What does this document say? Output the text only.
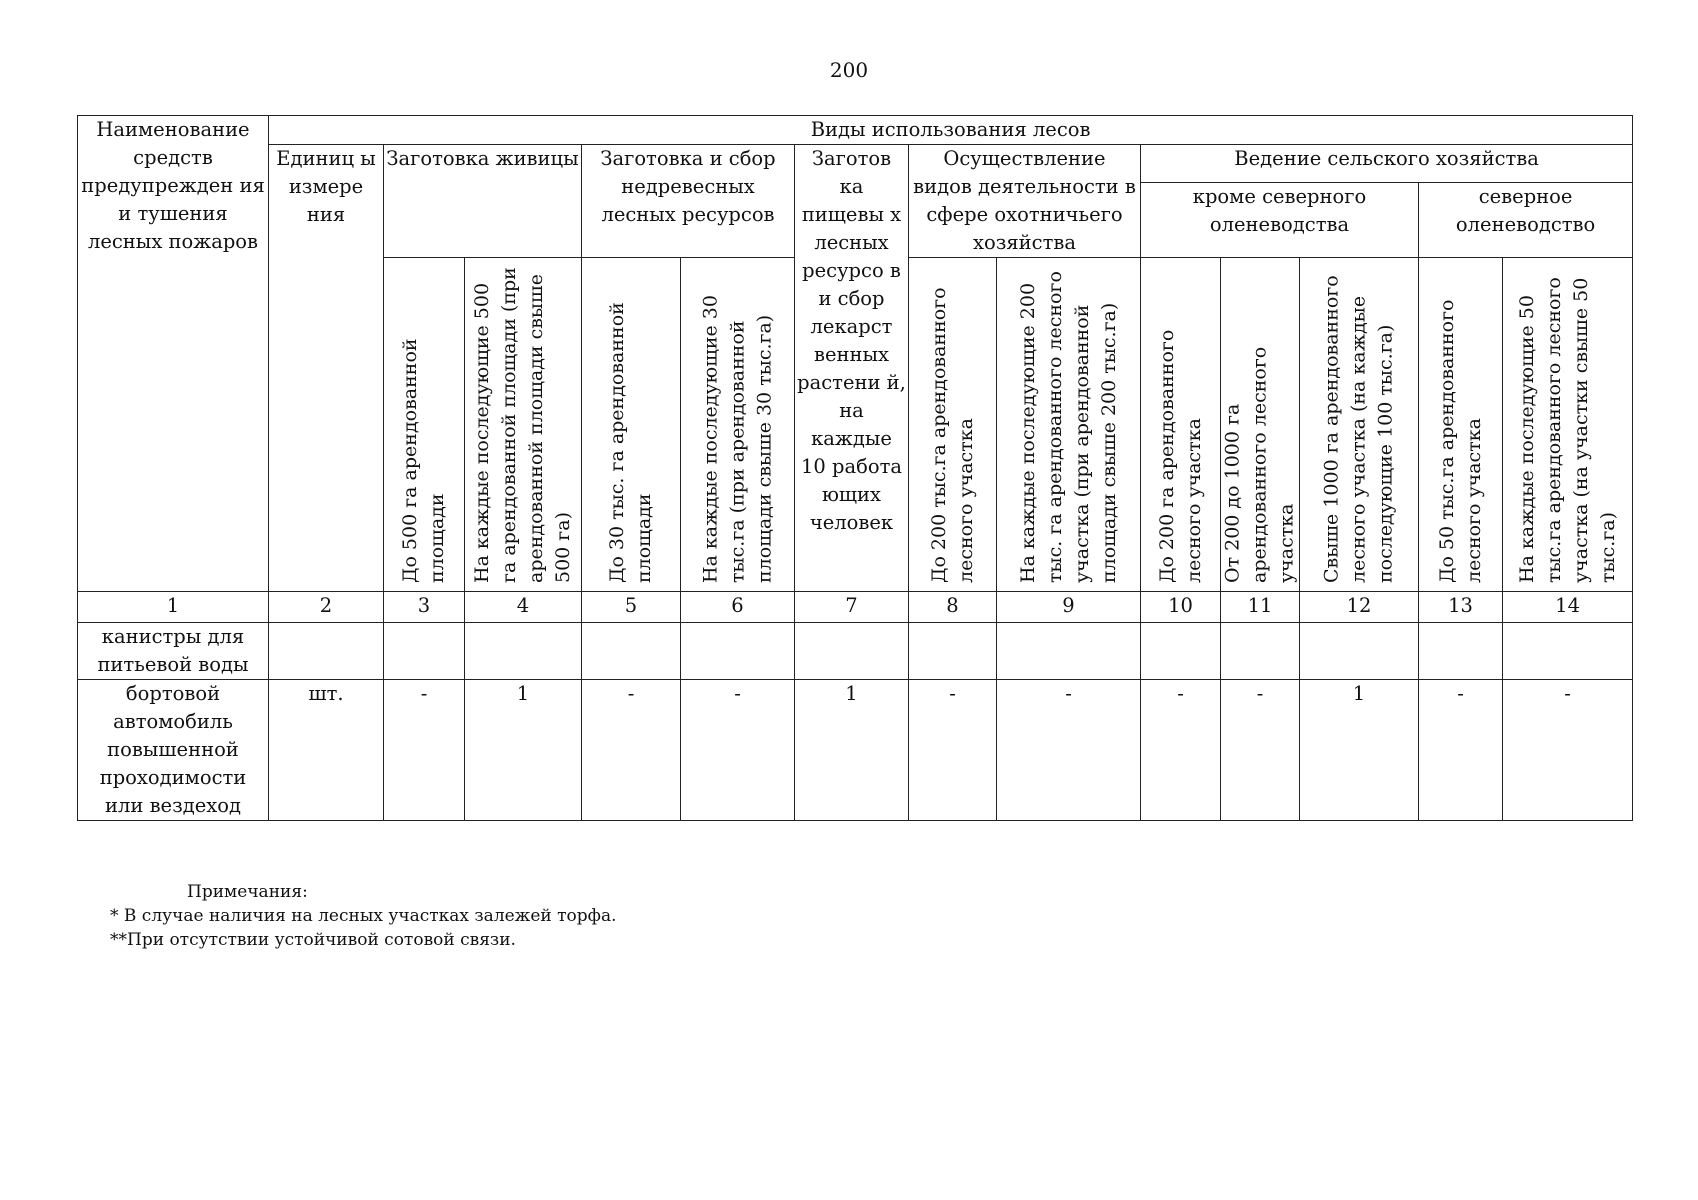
200
Наименование средств предупрежден ия и тушения лесных пожаров	Виды использования лесов												
	Единиц ы измере ния	Заготовка живицы		Заготовка и сбор недревесных лесных ресурсов		Заготов ка пищевы х лесных ресурсо в и сбор лекарст венных растени й, на каждые 10 работа ющих человек	Осуществление видов деятельности в сфере охотничьего хозяйства		Ведение сельского хозяйства				
									кроме северного оленеводства			северное оленеводство	

		До 500 га арендованной площади	На каждые последующие 500 га арендованной площади (при арендованной площади свыше 500 га)	До 30 тыс. га арендованной площади	На каждые последующие 30 тыс.га (при арендованной площади свыше 30 тыс.га)		До 200 тыс.га арендованного лесного участка	На каждые последующие 200 тыс. га арендованного лесного участка (при арендованной площади свыше 200 тыс.га)	До 200 га арендованного лесного участка	От 200 до 1000 га арендованного лесного участка	Свыше 1000 га арендованного лесного участка (на каждые последующие 100 тыс.га)	До 50 тыс.га арендованного лесного участка	На каждые последующие 50 тыс.га арендованного лесного участка (на участки свыше 50 тыс.га)

1	2	3	4	5	6	7	8	9	10	11	12	13	14
канистры для питьевой воды													
бортовой автомобиль повышенной проходимости или вездеход	шт.	-	1	-	-	1	-	-	-	-	1	-	-
Примечания:
* В случае наличия на лесных участках залежей торфа.
**При отсутствии устойчивой сотовой связи.
